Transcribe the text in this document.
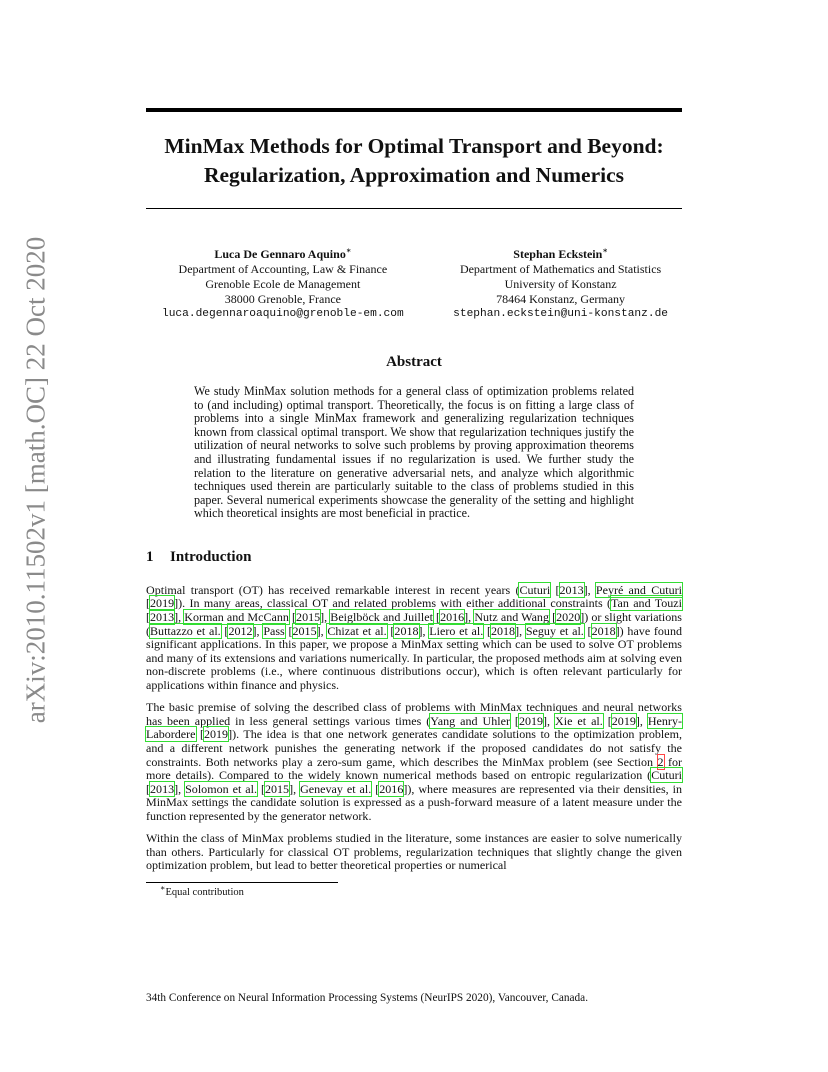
arXiv:2010.11502v1 [math.OC] 22 Oct 2020
MinMax Methods for Optimal Transport and Beyond:
Regularization, Approximation and Numerics
Luca De Gennaro Aquino∗
Department of Accounting, Law & Finance
Grenoble Ecole de Management
38000 Grenoble, France
luca.degennaroaquino@grenoble-em.com
Stephan Eckstein∗
Department of Mathematics and Statistics
University of Konstanz
78464 Konstanz, Germany
stephan.eckstein@uni-konstanz.de
Abstract
We study MinMax solution methods for a general class of optimization problems related to (and including) optimal transport. Theoretically, the focus is on fitting a large class of problems into a single MinMax framework and generalizing regularization techniques known from classical optimal transport. We show that regularization techniques justify the utilization of neural networks to solve such problems by proving approximation theorems and illustrating fundamental issues if no regularization is used. We further study the relation to the literature on generative adversarial nets, and analyze which algorithmic techniques used therein are particularly suitable to the class of problems studied in this paper. Several numerical experiments showcase the generality of the setting and highlight which theoretical insights are most beneficial in practice.
1 Introduction

Optimal transport (OT) has received remarkable interest in recent years (Cuturi [2013], Peyré and Cuturi [2019]). In many areas, classical OT and related problems with either additional constraints (Tan and Touzi [2013], Korman and McCann [2015], Beiglböck and Juillet [2016], Nutz and Wang [2020]) or slight variations (Buttazzo et al. [2012], Pass [2015], Chizat et al. [2018], Liero et al. [2018], Seguy et al. [2018]) have found significant applications. In this paper, we propose a MinMax setting which can be used to solve OT problems and many of its extensions and variations numerically. In particular, the proposed methods aim at solving even non-discrete problems (i.e., where continuous distributions occur), which is often relevant particularly for applications within finance and physics.

The basic premise of solving the described class of problems with MinMax techniques and neural networks has been applied in less general settings various times (Yang and Uhler [2019], Xie et al. [2019], Henry-Labordere [2019]). The idea is that one network generates candidate solutions to the optimization problem, and a different network punishes the generating network if the proposed candidates do not satisfy the constraints. Both networks play a zero-sum game, which describes the MinMax problem (see Section 2 for more details). Compared to the widely known numerical methods based on entropic regularization (Cuturi [2013], Solomon et al. [2015], Genevay et al. [2016]), where measures are represented via their densities, in MinMax settings the candidate solution is expressed as a push-forward measure of a latent measure under the function represented by the generator network.

Within the class of MinMax problems studied in the literature, some instances are easier to solve numerically than others. Particularly for classical OT problems, regularization techniques that slightly change the given optimization problem, but lead to better theoretical properties or numerical

∗Equal contribution
34th Conference on Neural Information Processing Systems (NeurIPS 2020), Vancouver, Canada.
